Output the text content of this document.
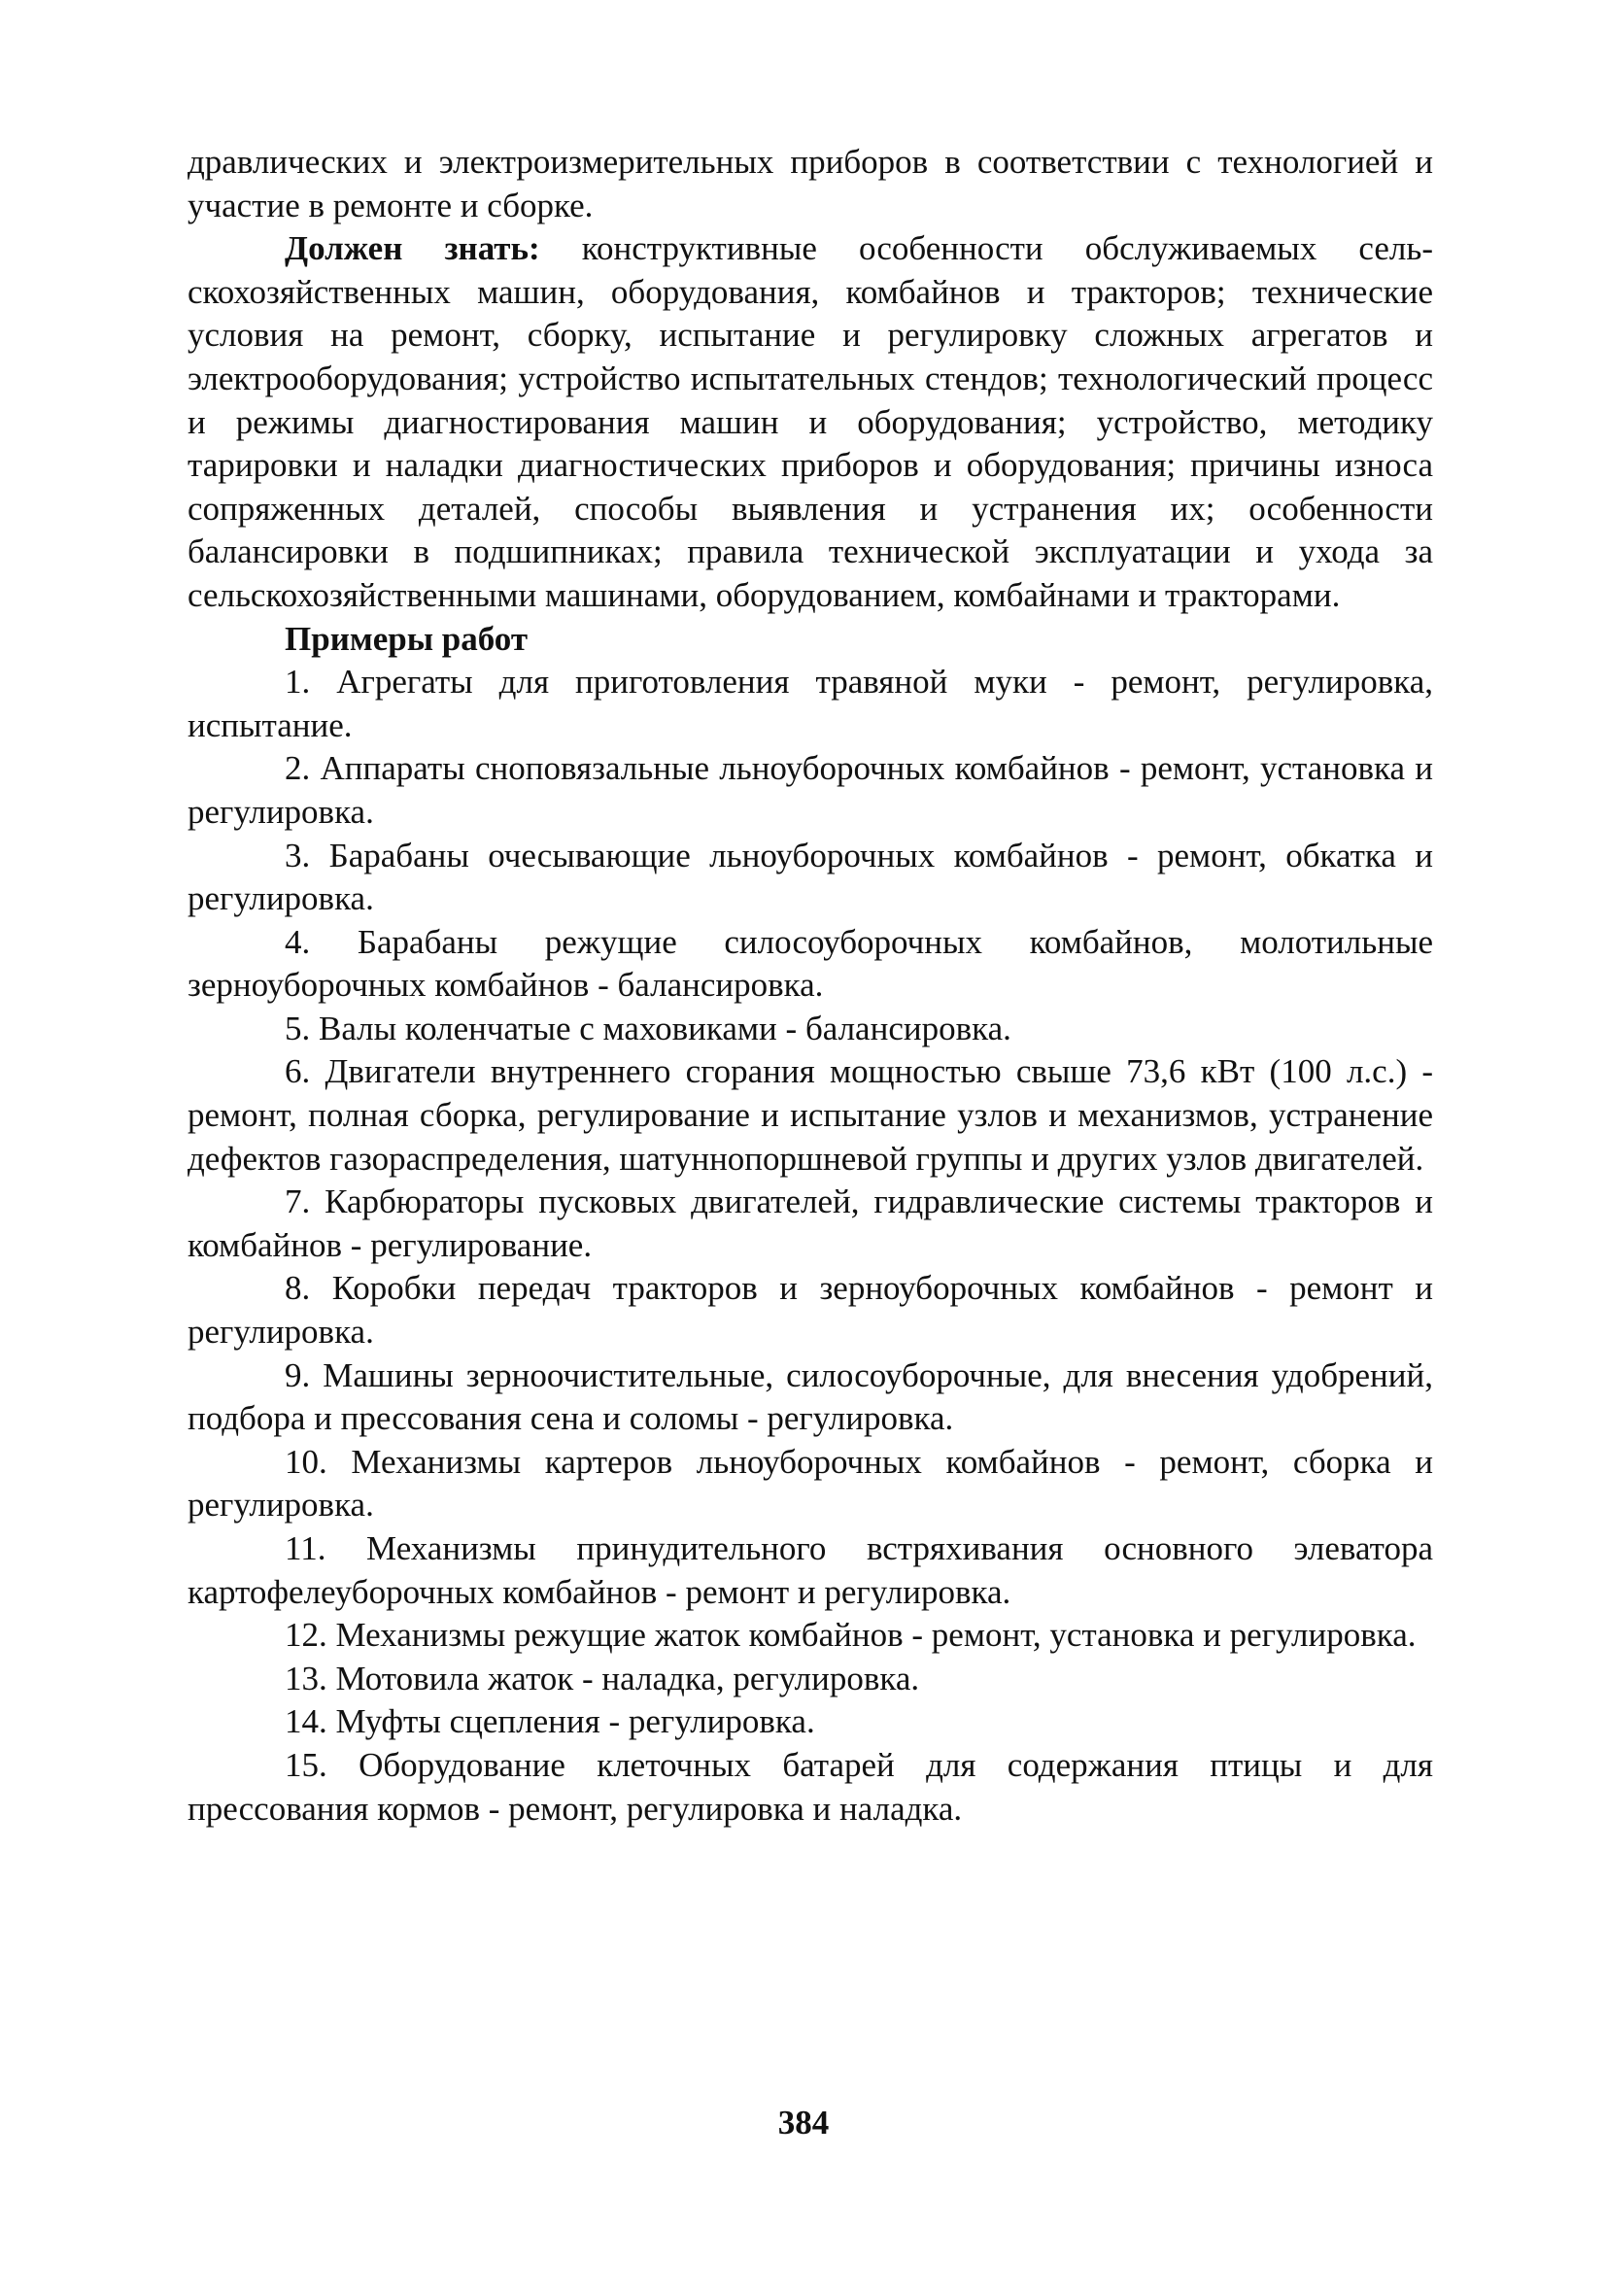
дравлических и электроизмерительных приборов в соответствии с технологией и участие в ремонте и сборке.

Должен знать: конструктивные особенности обслуживаемых сельскохозяйственных машин, оборудования, комбайнов и тракторов; технические условия на ремонт, сборку, испытание и регулировку сложных агрегатов и электрооборудования; устройство испытательных стендов; технологический процесс и режимы диагностирования машин и оборудования; устройство, методику тарировки и наладки диагностических приборов и оборудования; причины износа сопряженных деталей, способы выявления и устранения их; особенности балансировки в подшипниках; правила технической эксплуатации и ухода за сельскохозяйственными машинами, оборудованием, комбайнами и тракторами.

Примеры работ

1. Агрегаты для приготовления травяной муки - ремонт, регулировка, испытание.

2. Аппараты сноповязальные льноуборочных комбайнов - ремонт, установка и регулировка.

3. Барабаны очесывающие льноуборочных комбайнов - ремонт, обкатка и регулировка.

4. Барабаны режущие силосоуборочных комбайнов, молотильные зерноуборочных комбайнов - балансировка.

5. Валы коленчатые с маховиками - балансировка.

6. Двигатели внутреннего сгорания мощностью свыше 73,6 кВт (100 л.с.) - ремонт, полная сборка, регулирование и испытание узлов и механизмов, устранение дефектов газораспределения, шатуннопоршневой группы и других узлов двигателей.

7. Карбюраторы пусковых двигателей, гидравлические системы тракторов и комбайнов - регулирование.

8. Коробки передач тракторов и зерноуборочных комбайнов - ремонт и регулировка.

9. Машины зерноочистительные, силосоуборочные, для внесения удобрений, подбора и прессования сена и соломы - регулировка.

10. Механизмы картеров льноуборочных комбайнов - ремонт, сборка и регулировка.

11. Механизмы принудительного встряхивания основного элеватора картофелеуборочных комбайнов - ремонт и регулировка.

12. Механизмы режущие жаток комбайнов - ремонт, установка и регулировка.

13. Мотовила жаток - наладка, регулировка.

14. Муфты сцепления - регулировка.

15. Оборудование клеточных батарей для содержания птицы и для прессования кормов - ремонт, регулировка и наладка.

384
